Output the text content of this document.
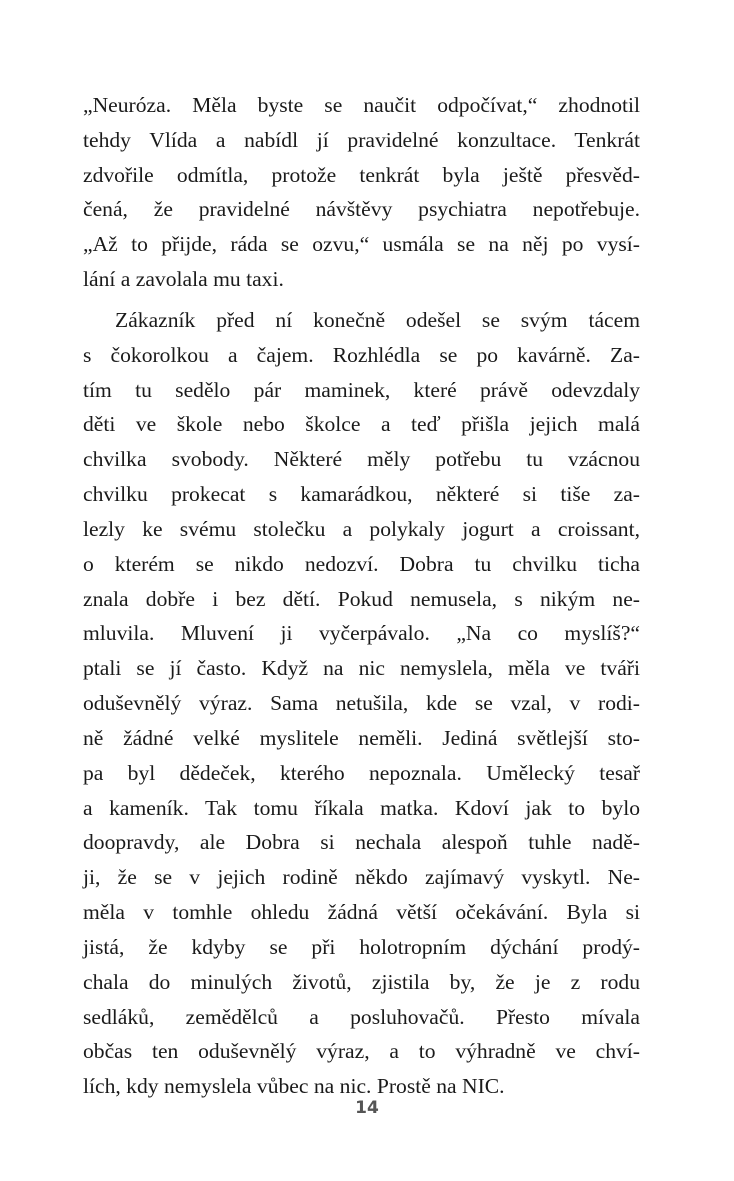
„Neuróza. Měla byste se naučit odpočívat,“ zhodnotil
tehdy Vlída a nabídl jí pravidelné konzultace. Tenkrát
zdvořile odmítla, protože tenkrát byla ještě přesvěd-
čená, že pravidelné návštěvy psychiatra nepotřebuje.
„Až to přijde, ráda se ozvu,“ usmála se na něj po vysí-
lání a zavolala mu taxi.
Zákazník před ní konečně odešel se svým tácem
s čokorolkou a čajem. Rozhlédla se po kavárně. Za-
tím tu sedělo pár maminek, které právě odevzdaly
děti ve škole nebo školce a teď přišla jejich malá
chvilka svobody. Některé měly potřebu tu vzácnou
chvilku prokecat s kamarádkou, některé si tiše za-
lezly ke svému stolečku a polykaly jogurt a croissant,
o kterém se nikdo nedozví. Dobra tu chvilku ticha
znala dobře i bez dětí. Pokud nemusela, s nikým ne-
mluvila. Mluvení ji vyčerpávalo. „Na co myslíš?“
ptali se jí často. Když na nic nemyslela, měla ve tváři
oduševnělý výraz. Sama netušila, kde se vzal, v rodi-
ně žádné velké myslitele neměli. Jediná světlejší sto-
pa byl dědeček, kterého nepoznala. Umělecký tesař
a kameník. Tak tomu říkala matka. Kdoví jak to bylo
doopravdy, ale Dobra si nechala alespoň tuhle nadě-
ji, že se v jejich rodině někdo zajímavý vyskytl. Ne-
měla v tomhle ohledu žádná větší očekávání. Byla si
jistá, že kdyby se při holotropním dýchání prodý-
chala do minulých životů, zjistila by, že je z rodu
sedláků, zemědělců a posluhovačů. Přesto mívala
občas ten oduševnělý výraz, a to výhradně ve chví-
lích, kdy nemyslela vůbec na nic. Prostě na NIC.
14
